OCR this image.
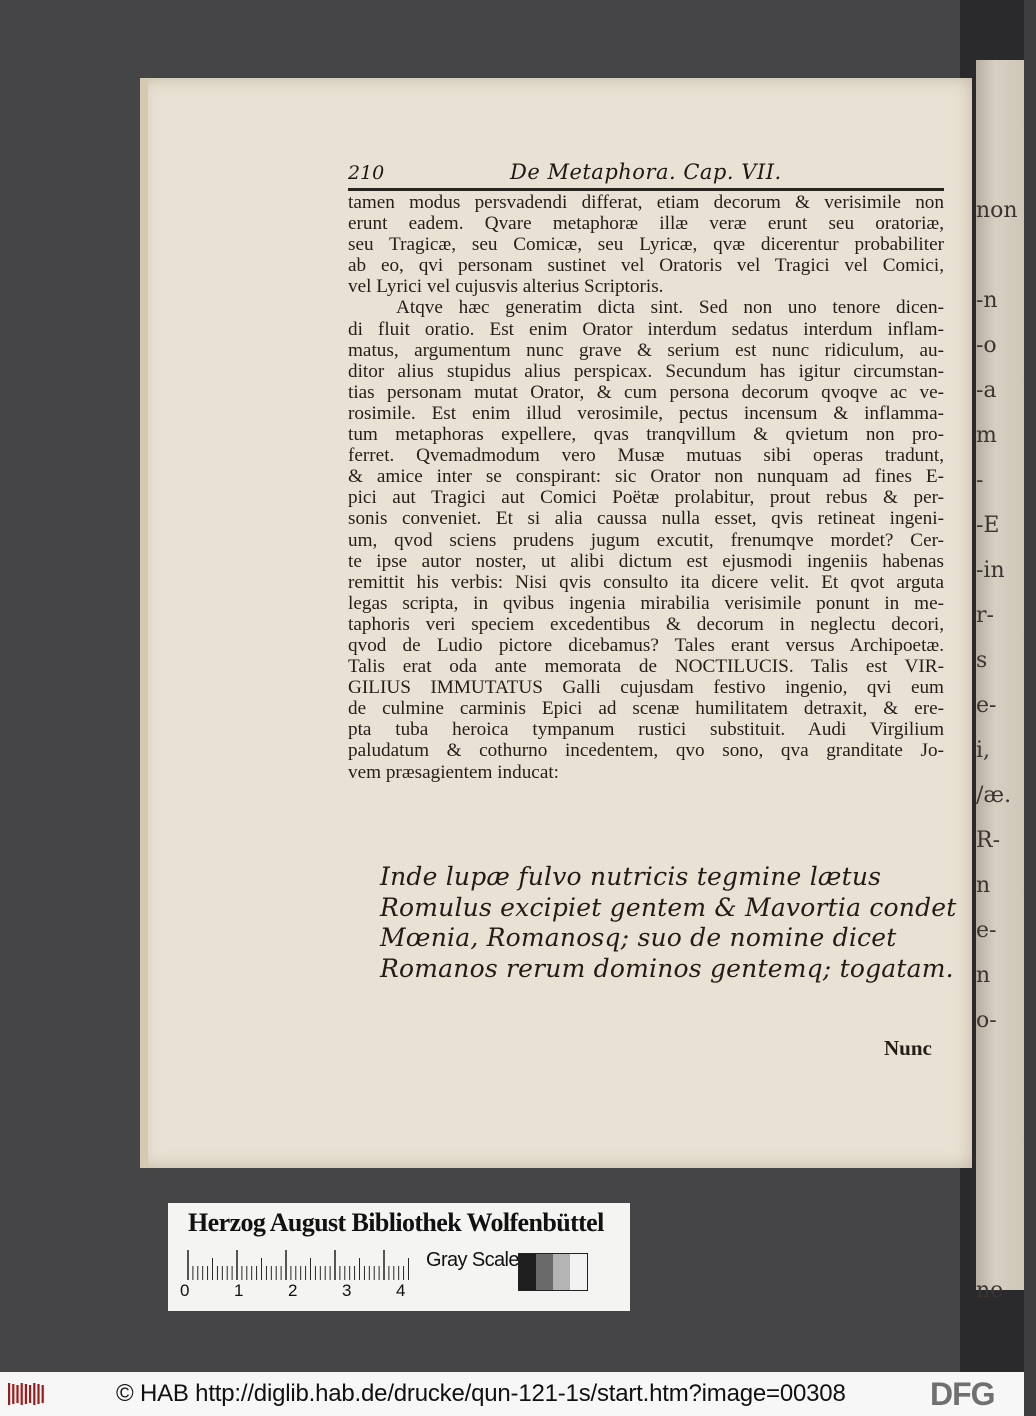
non
-n
-o
-a
m
-
-E
-in
r-
s
e-
i,
/æ.
R-
n
e-
n
o-
ne
210	De Metaphora. Cap. VII.
tamen modus persvadendi differat, etiam decorum & verisimile non
erunt eadem. Qvare metaphoræ illæ veræ erunt seu oratoriæ,
seu Tragicæ, seu Comicæ, seu Lyricæ, qvæ dicerentur probabiliter
ab eo, qvi personam sustinet vel Oratoris vel Tragici vel Comici,
vel Lyrici vel cujusvis alterius Scriptoris.
Atqve hæc generatim dicta sint. Sed non uno tenore dicen-
di fluit oratio. Est enim Orator interdum sedatus interdum inflam-
matus, argumentum nunc grave & serium est nunc ridiculum, au-
ditor alius stupidus alius perspicax. Secundum has igitur circumstan-
tias personam mutat Orator, & cum persona decorum qvoqve ac ve-
rosimile. Est enim illud verosimile, pectus incensum & inflamma-
tum metaphoras expellere, qvas tranqvillum & qvietum non pro-
ferret. Qvemadmodum vero Musæ mutuas sibi operas tradunt,
& amice inter se conspirant: sic Orator non nunquam ad fines E-
pici aut Tragici aut Comici Poëtæ prolabitur, prout rebus & per-
sonis conveniet. Et si alia caussa nulla esset, qvis retineat ingeni-
um, qvod sciens prudens jugum excutit, frenumqve mordet? Cer-
te ipse autor noster, ut alibi dictum est ejusmodi ingeniis habenas
remittit his verbis: Nisi qvis consulto ita dicere velit. Et qvot arguta
legas scripta, in qvibus ingenia mirabilia verisimile ponunt in me-
taphoris veri speciem excedentibus & decorum in neglectu decori,
qvod de Ludio pictore dicebamus? Tales erant versus Archipoetæ.
Talis erat oda ante memorata de NOCTILUCIS. Talis est VIR-
GILIUS IMMUTATUS Galli cujusdam festivo ingenio, qvi eum
de culmine carminis Epici ad scenæ humilitatem detraxit, & ere-
pta tuba heroica tympanum rustici substituit. Audi Virgilium
paludatum & cothurno incedentem, qvo sono, qva granditate Jo-
vem præsagientem inducat:
Inde lupæ fulvo nutricis tegmine lætus
Romulus excipiet gentem & Mavortia condet
Mœnia, Romanosq; suo de nomine dicet
Romanos rerum dominos gentemq; togatam.
Nunc
Herzog August Bibliothek Wolfenbüttel
0	1	2	3	4
Gray Scale
© HAB http://diglib.hab.de/drucke/qun-121-1s/start.htm?image=00308	DFG
